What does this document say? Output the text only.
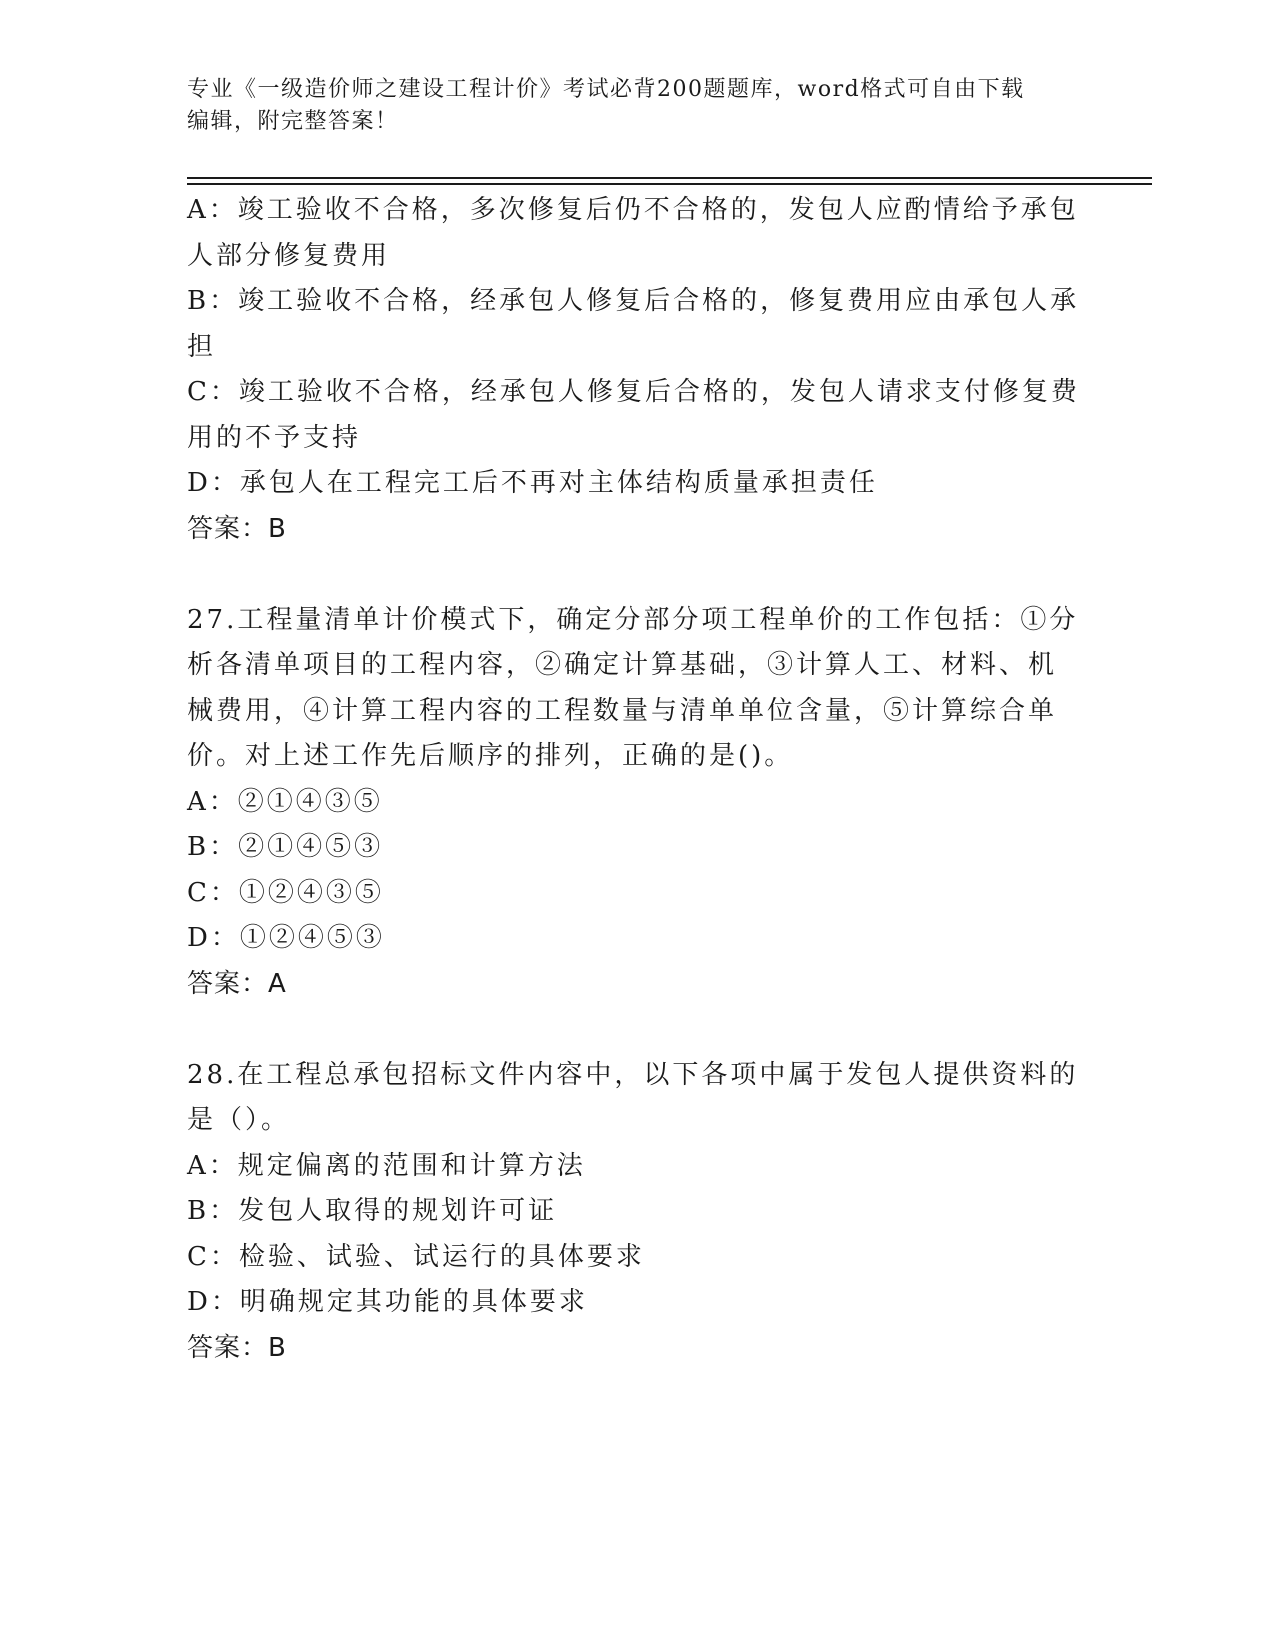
专业《一级造价师之建设工程计价》考试必背200题题库，word格式可自由下载
编辑，附完整答案！

A：竣工验收不合格，多次修复后仍不合格的，发包人应酌情给予承包

人部分修复费用

B：竣工验收不合格，经承包人修复后合格的，修复费用应由承包人承

担

C：竣工验收不合格，经承包人修复后合格的，发包人请求支付修复费

用的不予支持

D：承包人在工程完工后不再对主体结构质量承担责任

答案：B

27.工程量清单计价模式下，确定分部分项工程单价的工作包括：①分

析各清单项目的工程内容，②确定计算基础，③计算人工、材料、机

械费用，④计算工程内容的工程数量与清单单位含量，⑤计算综合单

价。对上述工作先后顺序的排列，正确的是()。

A：②①④③⑤

B：②①④⑤③

C：①②④③⑤

D：①②④⑤③

答案：A

28.在工程总承包招标文件内容中，以下各项中属于发包人提供资料的

是（）。

A：规定偏离的范围和计算方法

B：发包人取得的规划许可证

C：检验、试验、试运行的具体要求

D：明确规定其功能的具体要求

答案：B
